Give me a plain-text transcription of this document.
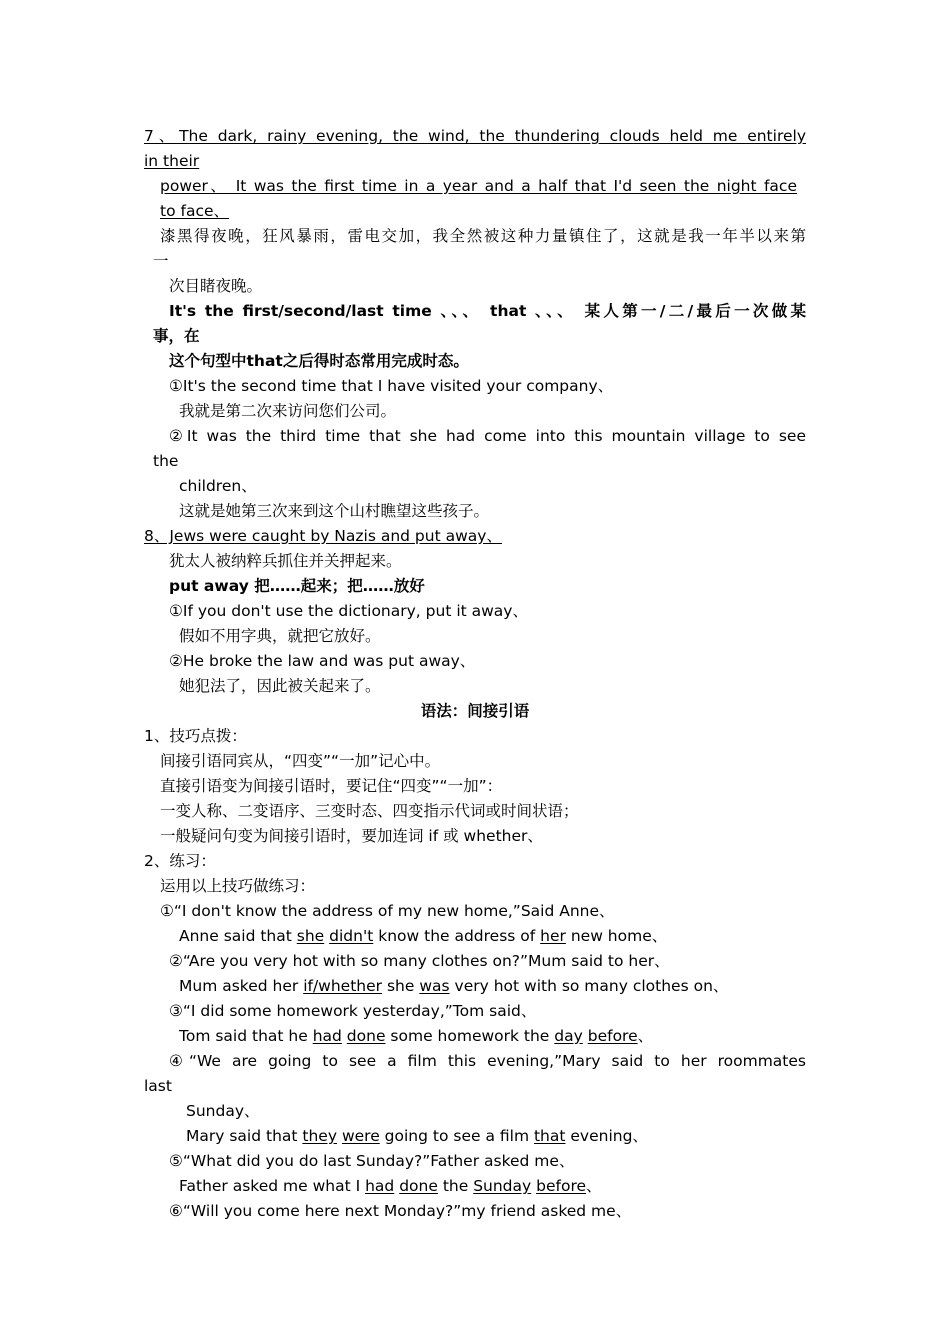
7、The dark, rainy evening, the wind, the thundering clouds held me entirely
in their
power、 It was the first time in a year and a half that I'd seen the night face
to face、
漆黑得夜晚，狂风暴雨，雷电交加，我全然被这种力量镇住了，这就是我一年半以来第
一
次目睹夜晚。
It's the first/second/last time 、、、 that 、、、 某人第一/二/最后一次做某
事，在
这个句型中that之后得时态常用完成时态。
①It's the second time that I have visited your company、
我就是第二次来访问您们公司。
②It was the third time that she had come into this mountain village to see
the
children、
这就是她第三次来到这个山村瞧望这些孩子。
8、Jews were caught by Nazis and put away、
犹太人被纳粹兵抓住并关押起来。
put away 把……起来；把……放好
①If you don't use the dictionary, put it away、
假如不用字典，就把它放好。
②He broke the law and was put away、
她犯法了，因此被关起来了。
语法：间接引语
1、技巧点拨：
间接引语同宾从，“四变”“一加”记心中。
直接引语变为间接引语时，要记住“四变”“一加”：
一变人称、二变语序、三变时态、四变指示代词或时间状语；
一般疑问句变为间接引语时，要加连词 if 或 whether、
2、练习：
运用以上技巧做练习：
①“I don't know the address of my new home,”Said Anne、
Anne said that she didn't know the address of her new home、
②“Are you very hot with so many clothes on?”Mum said to her、
Mum asked her if/whether she was very hot with so many clothes on、
③“I did some homework yesterday,”Tom said、
Tom said that he had done some homework the day before、
④“We are going to see a film this evening,”Mary said to her roommates
last
Sunday、
Mary said that they were going to see a film that evening、
⑤“What did you do last Sunday?”Father asked me、
Father asked me what I had done the Sunday before、
⑥“Will you come here next Monday?”my friend asked me、
